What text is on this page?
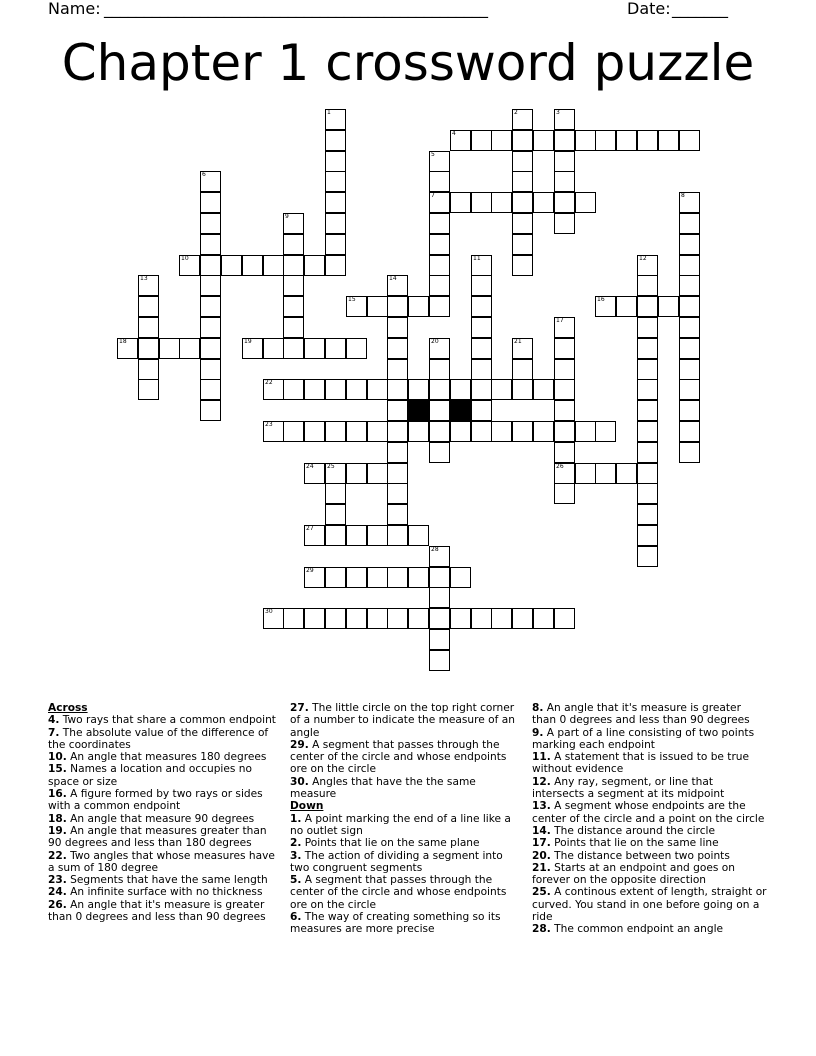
Name: ________________________________________________	Date: _______
Chapter 1 crossword puzzle
4
7
10
15	16
18	19
22
23
24 25	26
27
29
30
1	2	3
5
6
8
9
11	12
13	14
17
20	21
28
Across
4. Two rays that share a common endpoint
7. The absolute value of the difference of the coordinates
10. An angle that measures 180 degrees
15. Names a location and occupies no space or size
16. A figure formed by two rays or sides with a common endpoint
18. An angle that measure 90 degrees
19. An angle that measures greater than 90 degrees and less than 180 degrees
22. Two angles that whose measures have a sum of 180 degree
23. Segments that have the same length
24. An infinite surface with no thickness
26. An angle that it's measure is greater than 0 degrees and less than 90 degrees
27. The little circle on the top right corner of a number to indicate the measure of an angle
29. A segment that passes through the center of the circle and whose endpoints ore on the circle
30. Angles that have the the same measure
Down
1. A point marking the end of a line like a no outlet sign
2. Points that lie on the same plane
3. The action of dividing a segment into two congruent segments
5. A segment that passes through the center of the circle and whose endpoints ore on the circle
6. The way of creating something so its measures are more precise
8. An angle that it's measure is greater than 0 degrees and less than 90 degrees
9. A part of a line consisting of two points marking each endpoint
11. A statement that is issued to be true without evidence
12. Any ray, segment, or line that intersects a segment at its midpoint
13. A segment whose endpoints are the center of the circle and a point on the circle
14. The distance around the circle
17. Points that lie on the same line
20. The distance between two points
21. Starts at an endpoint and goes on forever on the opposite direction
25. A continous extent of length, straight or curved. You stand in one before going on a ride
28. The common endpoint an angle
